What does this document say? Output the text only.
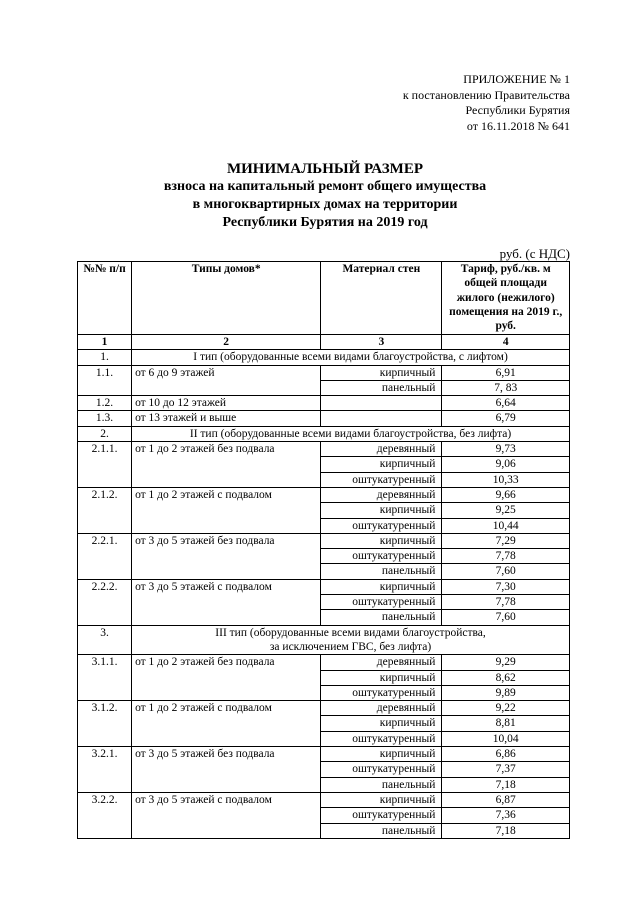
ПРИЛОЖЕНИЕ № 1
к постановлению Правительства
Республики Бурятия
от 16.11.2018 № 641
МИНИМАЛЬНЫЙ РАЗМЕР
взноса на капитальный ремонт общего имущества
в многоквартирных домах на территории
Республики Бурятия на 2019 год
руб. (с НДС)
№№ п/п	Типы домов*	Материал стен	Тариф, руб./кв. м общей площади жилого (нежилого) помещения на 2019 г., руб.
1	2	3	4
1.	I тип (оборудованные всеми видами благоустройства, с лифтом)		
1.1.	от 6 до 9 этажей	кирпичный	6,91
		панельный	7, 83
1.2.	от 10 до 12 этажей		6,64
1.3.	от 13 этажей и выше		6,79
2.	II тип (оборудованные всеми видами благоустройства, без лифта)		
2.1.1.	от 1 до 2 этажей без подвала	деревянный	9,73
		кирпичный	9,06
		оштукатуренный	10,33
2.1.2.	от 1 до 2 этажей с подвалом	деревянный	9,66
		кирпичный	9,25
		оштукатуренный	10,44
2.2.1.	от 3 до 5 этажей без подвала	кирпичный	7,29
		оштукатуренный	7,78
		панельный	7,60
2.2.2.	от 3 до 5 этажей с подвалом	кирпичный	7,30
		оштукатуренный	7,78
		панельный	7,60
3.	III тип (оборудованные всеми видами благоустройства,
за исключением ГВС, без лифта)		

3.1.1.	от 1 до 2 этажей без подвала	деревянный	9,29
		кирпичный	8,62
		оштукатуренный	9,89
3.1.2.	от 1 до 2 этажей с подвалом	деревянный	9,22
		кирпичный	8,81
		оштукатуренный	10,04
3.2.1.	от 3 до 5 этажей без подвала	кирпичный	6,86
		оштукатуренный	7,37
		панельный	7,18
3.2.2.	от 3 до 5 этажей с подвалом	кирпичный	6,87
		оштукатуренный	7,36
		панельный	7,18
